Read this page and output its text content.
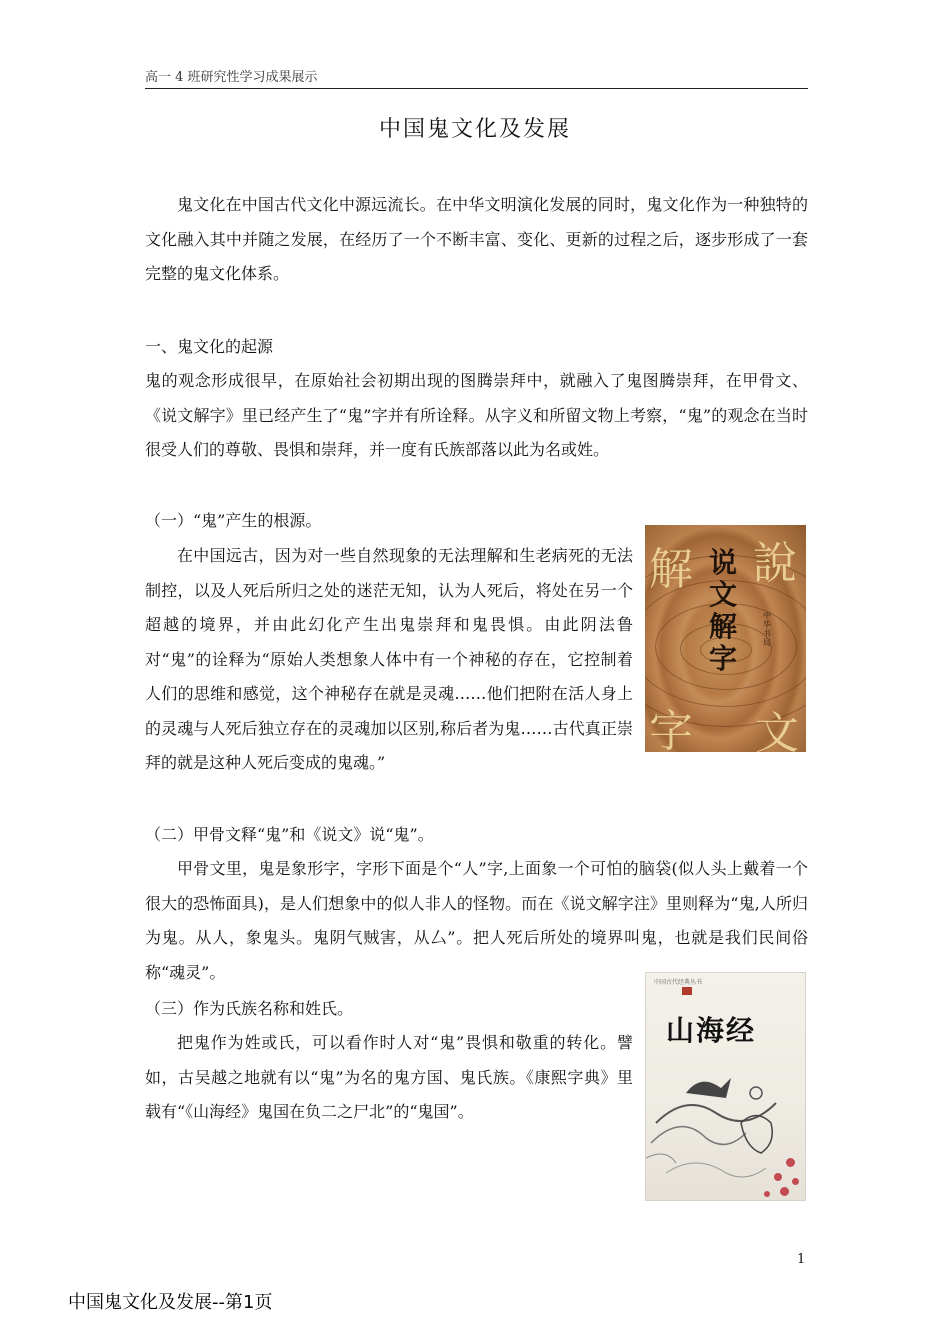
高一 4 班研究性学习成果展示
中国鬼文化及发展

鬼文化在中国古代文化中源远流长。在中华文明演化发展的同时，鬼文化作为一种独特的文化融入其中并随之发展，在经历了一个不断丰富、变化、更新的过程之后，逐步形成了一套完整的鬼文化体系。

一、鬼文化的起源

鬼的观念形成很早，在原始社会初期出现的图腾崇拜中，就融入了鬼图腾崇拜，在甲骨文、《说文解字》里已经产生了“鬼”字并有所诠释。从字义和所留文物上考察，“鬼”的观念在当时很受人们的尊敬、畏惧和崇拜，并一度有氏族部落以此为名或姓。

（一）“鬼”产生的根源。

在中国远古，因为对一些自然现象的无法理解和生老病死的无法制控，以及人死后所归之处的迷茫无知，认为人死后，将处在另一个超越的境界，并由此幻化产生出鬼崇拜和鬼畏惧。由此阴法鲁对“鬼”的诠释为“原始人类想象人体中有一个神秘的存在，它控制着人们的思维和感觉，这个神秘存在就是灵魂……他们把附在活人身上的灵魂与人死后独立存在的灵魂加以区别,称后者为鬼……古代真正崇拜的就是这种人死后变成的鬼魂。”

（二）甲骨文释“鬼”和《说文》说“鬼”。

甲骨文里，鬼是象形字，字形下面是个“人”字,上面象一个可怕的脑袋(似人头上戴着一个很大的恐怖面具)，是人们想象中的似人非人的怪物。而在《说文解字注》里则释为“鬼,人所归为鬼。从人，象鬼头。鬼阴气贼害，从厶”。把人死后所处的境界叫鬼，也就是我们民间俗称“魂灵”。

（三）作为氏族名称和姓氏。

把鬼作为姓或氏，可以看作时人对“鬼”畏惧和敬重的转化。譬如，古吴越之地就有以“鬼”为名的鬼方国、鬼氏族。《康熙字典》里载有“《山海经》鬼国在负二之尸北”的“鬼国”。

說
解
字 文
说
文
解
字
中
华
书
局
中国古代经典丛书
山海经
1
中国鬼文化及发展--第1页
